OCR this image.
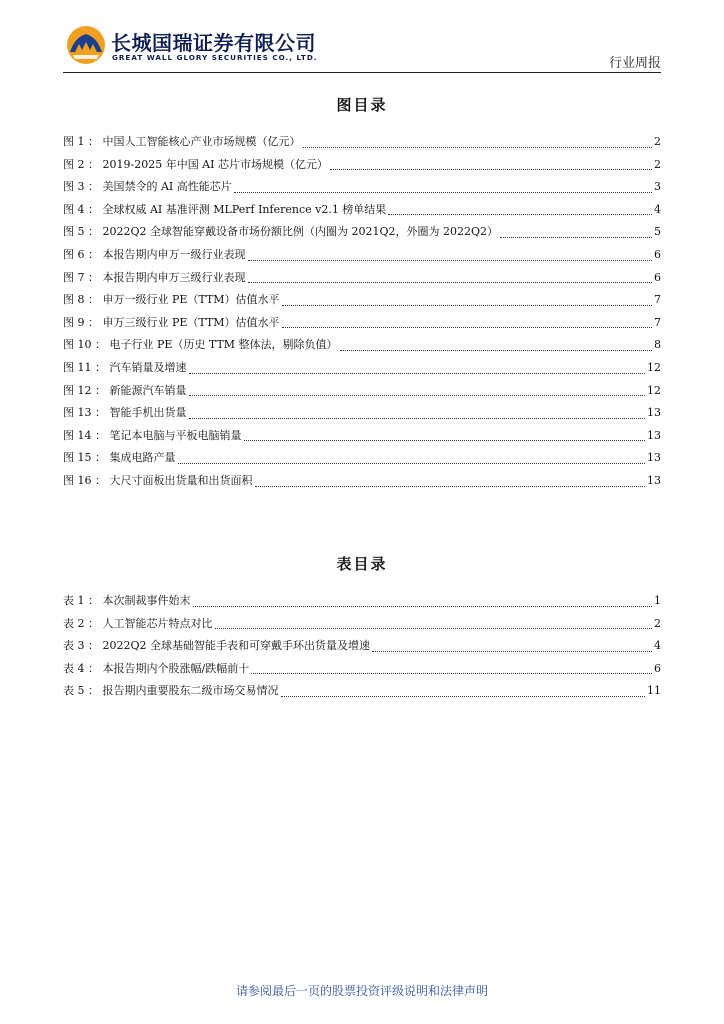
长城国瑞证券有限公司
GREAT WALL GLORY SECURITIES CO., LTD.	行业周报
图目录
图 1 ： 中国人工智能核心产业市场规模（亿元）	2
图 2 ： 2019-2025 年中国 AI 芯片市场规模（亿元）	2
图 3 ： 美国禁令的 AI 高性能芯片	3
图 4 ： 全球权威 AI 基准评测 MLPerf Inference v2.1 榜单结果	4
图 5 ： 2022Q2 全球智能穿戴设备市场份额比例（内圈为 2021Q2，外圈为 2022Q2）	5
图 6 ： 本报告期内申万一级行业表现	6
图 7 ： 本报告期内申万三级行业表现	6
图 8 ： 申万一级行业 PE（TTM）估值水平	7
图 9 ： 申万三级行业 PE（TTM）估值水平	7
图 10 ： 电子行业 PE（历史 TTM 整体法，剔除负值）	8
图 11 ： 汽车销量及增速	12
图 12 ： 新能源汽车销量	12
图 13 ： 智能手机出货量	13
图 14 ： 笔记本电脑与平板电脑销量	13
图 15 ： 集成电路产量	13
图 16 ： 大尺寸面板出货量和出货面积	13
表目录
表 1 ： 本次制裁事件始末	1
表 2 ： 人工智能芯片特点对比	2
表 3 ： 2022Q2 全球基础智能手表和可穿戴手环出货量及增速	4
表 4 ： 本报告期内个股涨幅/跌幅前十	6
表 5 ： 报告期内重要股东二级市场交易情况	11
请参阅最后一页的股票投资评级说明和法律声明
